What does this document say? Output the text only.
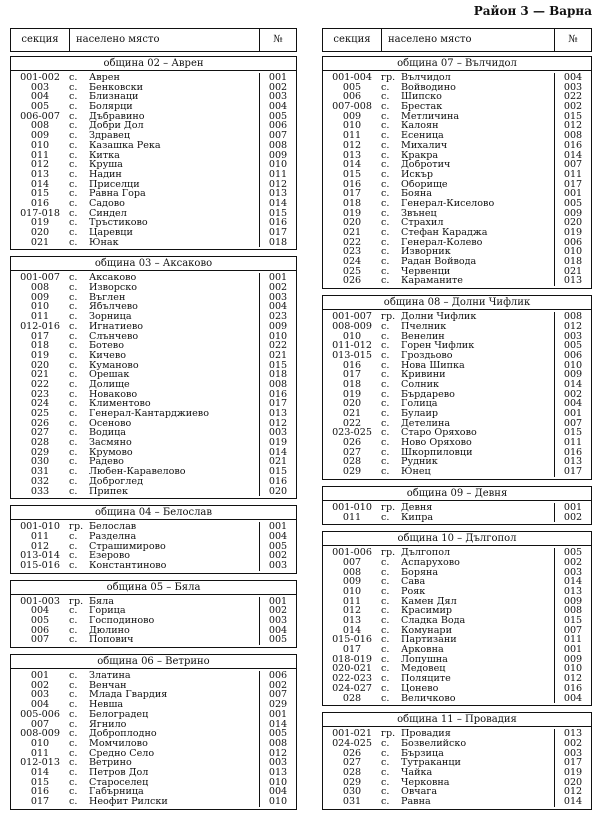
Район 3 — Варна
секция	населено място	№
община 02 – Аврен
001-002 с.	Аврен	001
003	с.	Бенковски	002
004	с.	Близнаци	003
005	с.	Болярци	004
006-007 с.	Дъбравино	005
008	с.	Добри Дол	006
009	с.	Здравец	007
010	с.	Казашка Река	008
011	с.	Китка	009
012	с.	Круша	010
013	с.	Надин	011
014	с.	Приселци	012
015	с.	Равна Гора	013
016	с.	Садово	014
017-018 с.	Синдел	015
019	с.	Тръстиково	016
020	с.	Царевци	017
021	с.	Юнак	018
община 03 – Аксаково
001-007 с.	Аксаково	001
008	с.	Изворско	002
009	с.	Въглен	003
010	с.	Ябълчево	004
011	с.	Зорница	023
012-016 с.	Игнатиево	009
017	с.	Слънчево	010
018	с.	Ботево	022
019	с.	Кичево	021
020	с.	Куманово	015
021	с.	Орешак	018
022	с.	Долище	008
023	с.	Новаково	016
024	с.	Климентово	017
025	с.	Генерал-Кантарджиево	013
026	с.	Осеново	012
027	с.	Водица	003
028	с.	Засмяно	019
029	с.	Крумово	014
030	с.	Радево	021
031	с.	Любен-Каравелово	015
032	с.	Доброглед	016
033	с.	Припек	020
община 04 – Белослав
001-010 гр. Белослав	001
011	с.	Разделна	004
012	с.	Страшимирово	005
013-014 с.	Езерово	002
015-016 с.	Константиново	003
община 05 – Бяла
001-003 гр. Бяла	001
004	с.	Горица	002
005	с.	Господиново	003
006	с.	Дюлино	004
007	с.	Попович	005
община 06 – Ветрино
001	с.	Златина	006
002	с.	Венчан	002
003	с.	Млада Гвардия	007
004	с.	Невша	029
005-006 с.	Белоградец	001
007	с.	Ягнило	014
008-009 с.	Доброплодно	005
010	с.	Момчилово	008
011	с.	Средно Село	012
012-013 с.	Ветрино	003
014	с.	Петров Дол	013
015	с.	Староселец	010
016	с.	Габърница	004
017	с.	Неофит Рилски	010
секция	населено място	№
община 07 – Вълчидол
001-004 гр. Вълчидол	004
005	с.	Войводино	003
006	с.	Шипско	022
007-008 с.	Брестак	002
009	с.	Метличина	015
010	с.	Калоян	012
011	с.	Есеница	008
012	с.	Михалич	016
013	с.	Кракра	014
014	с.	Добротич	007
015	с.	Искър	011
016	с.	Оборище	017
017	с.	Бояна	001
018	с.	Генерал-Киселово	005
019	с.	Звънец	009
020	с.	Страхил	020
021	с.	Стефан Караджа	019
022	с.	Генерал-Колево	006
023	с.	Изворник	010
024	с.	Радан Войвода	018
025	с.	Червенци	021
026	с.	Караманите	013
община 08 – Долни Чифлик
001-007 гр. Долни Чифлик	008
008-009 с.	Пчелник	012
010	с.	Венелин	003
011-012 с.	Горен Чифлик	005
013-015 с.	Гроздьово	006
016	с.	Нова Шипка	010
017	с.	Кривини	009
018	с.	Солник	014
019	с.	Бърдарево	002
020	с.	Голица	004
021	с.	Булаир	001
022	с.	Детелина	007
023-025 с.	Старо Оряхово	015
026	с.	Ново Оряхово	011
027	с.	Шкорпиловци	016
028	с.	Рудник	013
029	с.	Юнец	017
община 09 – Девня
001-010 гр. Девня	001
011	с.	Кипра	002
община 10 – Дългопол
001-006 гр. Дългопол	005
007	с.	Аспарухово	002
008	с.	Боряна	003
009	с.	Сава	014
010	с.	Рояк	013
011	с.	Камен Дял	009
012	с.	Красимир	008
013	с.	Сладка Вода	015
014	с.	Комунари	007
015-016 с.	Партизани	011
017	с.	Арковна	001
018-019 с.	Лопушна	009
020-021 с.	Медовец	010
022-023 с.	Поляците	012
024-027 с.	Цонево	016
028	с.	Величково	004
община 11 – Провадия
001-021 гр. Провадия	013
024-025 с.	Бозвелийско	002
026	с.	Бързица	003
027	с.	Тутраканци	017
028	с.	Чайка	019
029	с.	Черковна	020
030	с.	Овчага	012
031	с.	Равна	014
